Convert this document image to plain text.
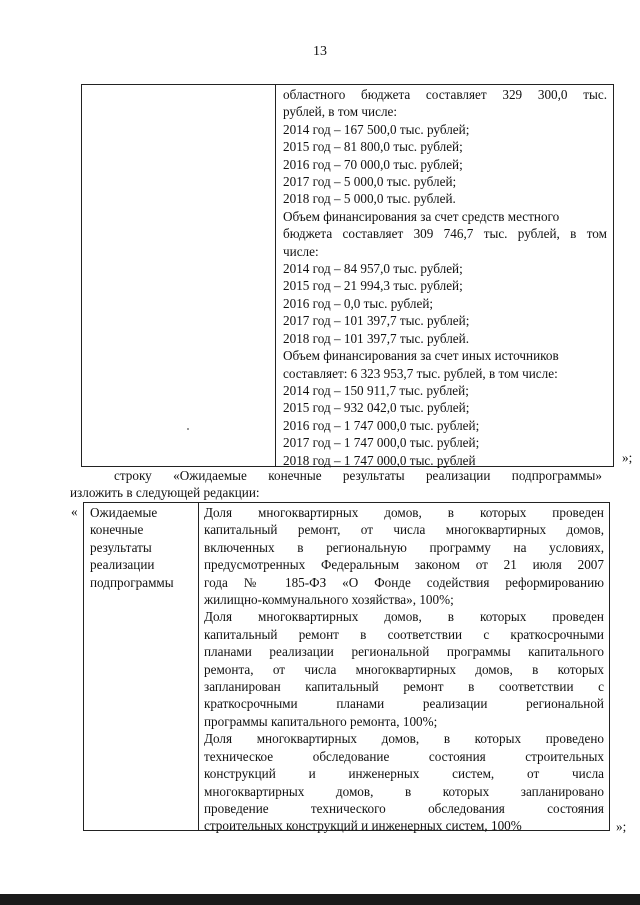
13
областного бюджета составляет 329 300,0 тыс.
рублей, в том числе:
2014 год – 167 500,0 тыс. рублей;
2015 год – 81 800,0 тыс. рублей;
2016 год – 70 000,0 тыс. рублей;
2017 год – 5 000,0 тыс. рублей;
2018 год – 5 000,0 тыс. рублей.
Объем финансирования за счет средств местного
бюджета составляет 309 746,7 тыс. рублей, в том
числе:
2014 год – 84 957,0 тыс. рублей;
2015 год – 21 994,3 тыс. рублей;
2016 год – 0,0 тыс. рублей;
2017 год – 101 397,7 тыс. рублей;
2018 год – 101 397,7 тыс. рублей.
Объем финансирования за счет иных источников
составляет: 6 323 953,7 тыс. рублей, в том числе:
2014 год – 150 911,7 тыс. рублей;
2015 год – 932 042,0 тыс. рублей;
2016 год – 1 747 000,0 тыс. рублей;
2017 год – 1 747 000,0 тыс. рублей;
2018 год – 1 747 000,0 тыс. рублей	»;
строку «Ожидаемые конечные результаты реализации подпрограммы»
изложить в следующей редакции:
« Ожидаемые
конечные
результаты
реализации
подпрограммы
Доля многоквартирных домов, в которых проведен
капитальный ремонт, от числа многоквартирных домов,
включенных в региональную программу на условиях,
предусмотренных Федеральным законом от 21 июля 2007
года № 185-ФЗ «О Фонде содействия реформированию
жилищно-коммунального хозяйства», 100%;
Доля многоквартирных домов, в которых проведен
капитальный ремонт в соответствии с краткосрочными
планами реализации региональной программы капитального
ремонта, от числа многоквартирных домов, в которых
запланирован капитальный ремонт в соответствии с
краткосрочными планами реализации региональной
программы капитального ремонта, 100%;
Доля многоквартирных домов, в которых проведено
техническое обследование состояния строительных
конструкций и инженерных систем, от числа
многоквартирных домов, в которых запланировано
проведение технического обследования состояния
строительных конструкций и инженерных систем, 100%	»;
